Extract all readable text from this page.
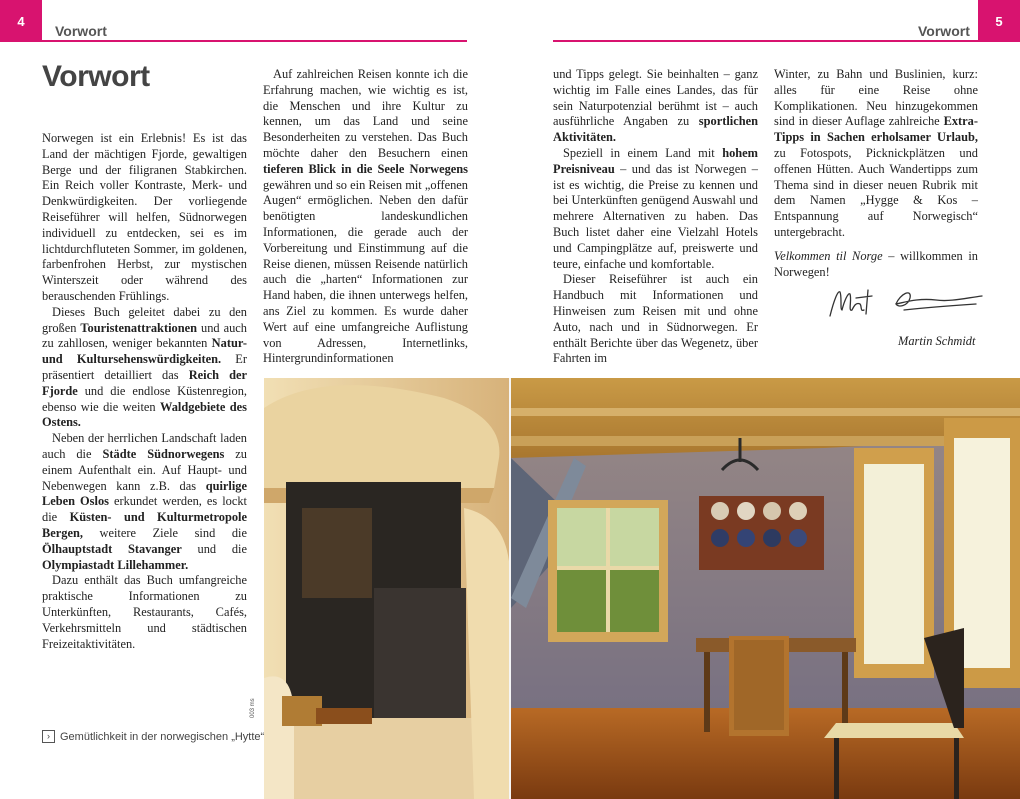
4	5
Vorwort	Vorwort
Vorwort

Norwegen ist ein Erlebnis! Es ist das Land der mächtigen Fjorde, gewaltigen Berge und der filigranen Stabkirchen. Ein Reich voller Kontraste, Merk- und Denkwürdigkeiten. Der vorliegende Reiseführer will helfen, Südnorwegen individuell zu entdecken, sei es im lichtdurchfluteten Sommer, im goldenen, farbenfrohen Herbst, zur mystischen Winterszeit oder während des berauschenden Frühlings.

Dieses Buch geleitet dabei zu den großen Touristenattraktionen und auch zu zahllosen, weniger bekannten Natur- und Kultursehenswürdigkeiten. Er präsentiert detailliert das Reich der Fjorde und die endlose Küstenregion, ebenso wie die weiten Waldgebiete des Ostens.

Neben der herrlichen Landschaft laden auch die Städte Südnorwegens zu einem Aufenthalt ein. Auf Haupt- und Nebenwegen kann z.B. das quirlige Leben Oslos erkundet werden, es lockt die Küsten- und Kulturmetropole Bergen, weitere Ziele sind die Ölhauptstadt Stavanger und die Olympiastadt Lillehammer.

Dazu enthält das Buch umfangreiche praktische Informationen zu Unterkünften, Restaurants, Cafés, Verkehrsmitteln und städtischen Freizeitaktivitäten.

Auf zahlreichen Reisen konnte ich die Erfahrung machen, wie wichtig es ist, die Menschen und ihre Kultur zu kennen, um das Land und seine Besonderheiten zu verstehen. Das Buch möchte daher den Besuchern einen tieferen Blick in die Seele Norwegens gewähren und so ein Reisen mit „offenen Augen“ ermöglichen. Neben den dafür benötigten landeskundlichen Informationen, die gerade auch der Vorbereitung und Einstimmung auf die Reise dienen, müssen Reisende natürlich auch die „harten“ Informationen zur Hand haben, die ihnen unterwegs helfen, ans Ziel zu kommen. Es wurde daher Wert auf eine umfangreiche Auflistung von Adressen, Internetlinks, Hintergrundinformationen

und Tipps gelegt. Sie beinhalten – ganz wichtig im Falle eines Landes, das für sein Naturpotenzial berühmt ist – auch ausführliche Angaben zu sportlichen Aktivitäten.

Speziell in einem Land mit hohem Preisniveau – und das ist Norwegen – ist es wichtig, die Preise zu kennen und bei Unterkünften genügend Auswahl und mehrere Alternativen zu haben. Das Buch listet daher eine Vielzahl Hotels und Campingplätze auf, preiswerte und teure, einfache und komfortable.

Dieser Reiseführer ist auch ein Handbuch mit Informationen und Hinweisen zum Reisen mit und ohne Auto, nach und in Südnorwegen. Er enthält Berichte über das Wegenetz, über Fahrten im

Winter, zu Bahn und Buslinien, kurz: alles für eine Reise ohne Komplikationen. Neu hinzugekommen sind in dieser Auflage zahlreiche Extra-Tipps in Sachen erholsamer Urlaub, zu Fotospots, Picknickplätzen und offenen Hütten. Auch Wandertipps zum Thema sind in dieser neuen Rubrik mit dem Namen „Hygge & Kos – Entspannung auf Norwegisch“ untergebracht.

Velkommen til Norge – willkommen in Norwegen!

Martin Schmidt
› Gemütlichkeit in der norwegischen „Hytte“
003 ms
